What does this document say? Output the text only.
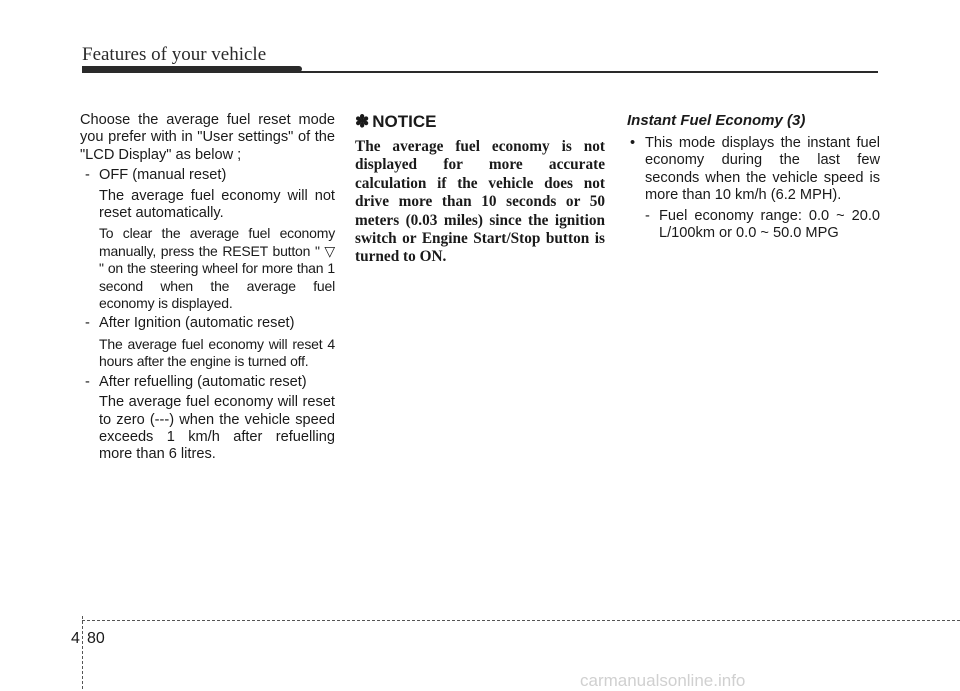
Features of your vehicle

Choose the average fuel reset mode you prefer with in "User settings" of the "LCD Display" as below ;

- OFF (manual reset)

The average fuel economy will not reset automatically.

To clear the average fuel economy manually, press the RESET button " ▽ " on the steering wheel for more than 1 second when the average fuel economy is displayed.

- After Ignition (automatic reset)

The average fuel economy will reset 4 hours after the engine is turned off.

- After refuelling (automatic reset)

The average fuel economy will reset to zero (---) when the vehicle speed exceeds 1 km/h after refuelling more than 6 litres.

✽ NOTICE

The average fuel economy is not displayed for more accurate calculation if the vehicle does not drive more than 10 seconds or 50 meters (0.03 miles) since the ignition switch or Engine Start/Stop button is turned to ON.

Instant Fuel Economy (3)

• This mode displays the instant fuel economy during the last few seconds when the vehicle speed is more than 10 km/h (6.2 MPH).
- Fuel economy range: 0.0 ~ 20.0 L/100km or 0.0 ~ 50.0 MPG
4 80
carmanualsonline.info
